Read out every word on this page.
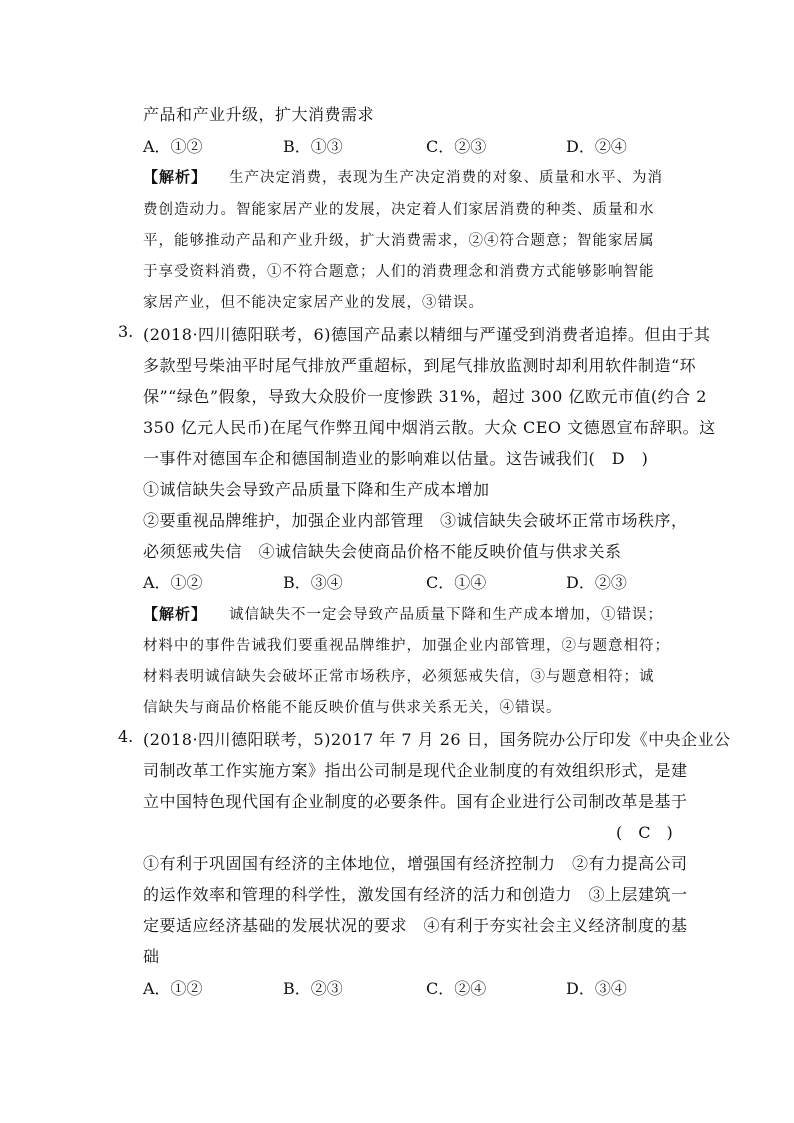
产品和产业升级，扩大消费需求
A．①②	B．①③	C．②③	D．②④
【解析】 生产决定消费，表现为生产决定消费的对象、质量和水平、为消
费创造动力。智能家居产业的发展，决定着人们家居消费的种类、质量和水
平，能够推动产品和产业升级，扩大消费需求，②④符合题意；智能家居属
于享受资料消费，①不符合题意；人们的消费理念和消费方式能够影响智能
家居产业，但不能决定家居产业的发展，③错误。
3. (2018·四川德阳联考，6)德国产品素以精细与严谨受到消费者追捧。但由于其
多款型号柴油平时尾气排放严重超标，到尾气排放监测时却利用软件制造“环
保”“绿色”假象，导致大众股价一度惨跌 31%，超过 300 亿欧元市值(约合 2
350 亿元人民币)在尾气作弊丑闻中烟消云散。大众 CEO 文德恩宣布辞职。这
一事件对德国车企和德国制造业的影响难以估量。这告诫我们(　D　)
①诚信缺失会导致产品质量下降和生产成本增加
②要重视品牌维护，加强企业内部管理　③诚信缺失会破坏正常市场秩序，
必须惩戒失信　④诚信缺失会使商品价格不能反映价值与供求关系
A．①②	B．③④	C．①④	D．②③
【解析】 诚信缺失不一定会导致产品质量下降和生产成本增加，①错误；
材料中的事件告诫我们要重视品牌维护，加强企业内部管理，②与题意相符；
材料表明诚信缺失会破坏正常市场秩序，必须惩戒失信，③与题意相符；诚
信缺失与商品价格能不能反映价值与供求关系无关，④错误。
4. (2018·四川德阳联考，5)2017 年 7 月 26 日，国务院办公厅印发《中央企业公
司制改革工作实施方案》指出公司制是现代企业制度的有效组织形式，是建
立中国特色现代国有企业制度的必要条件。国有企业进行公司制改革是基于
(　C　)
①有利于巩固国有经济的主体地位，增强国有经济控制力　②有力提高公司
的运作效率和管理的科学性，激发国有经济的活力和创造力　③上层建筑一
定要适应经济基础的发展状况的要求　④有利于夯实社会主义经济制度的基
础
A．①②	B．②③	C．②④	D．③④
